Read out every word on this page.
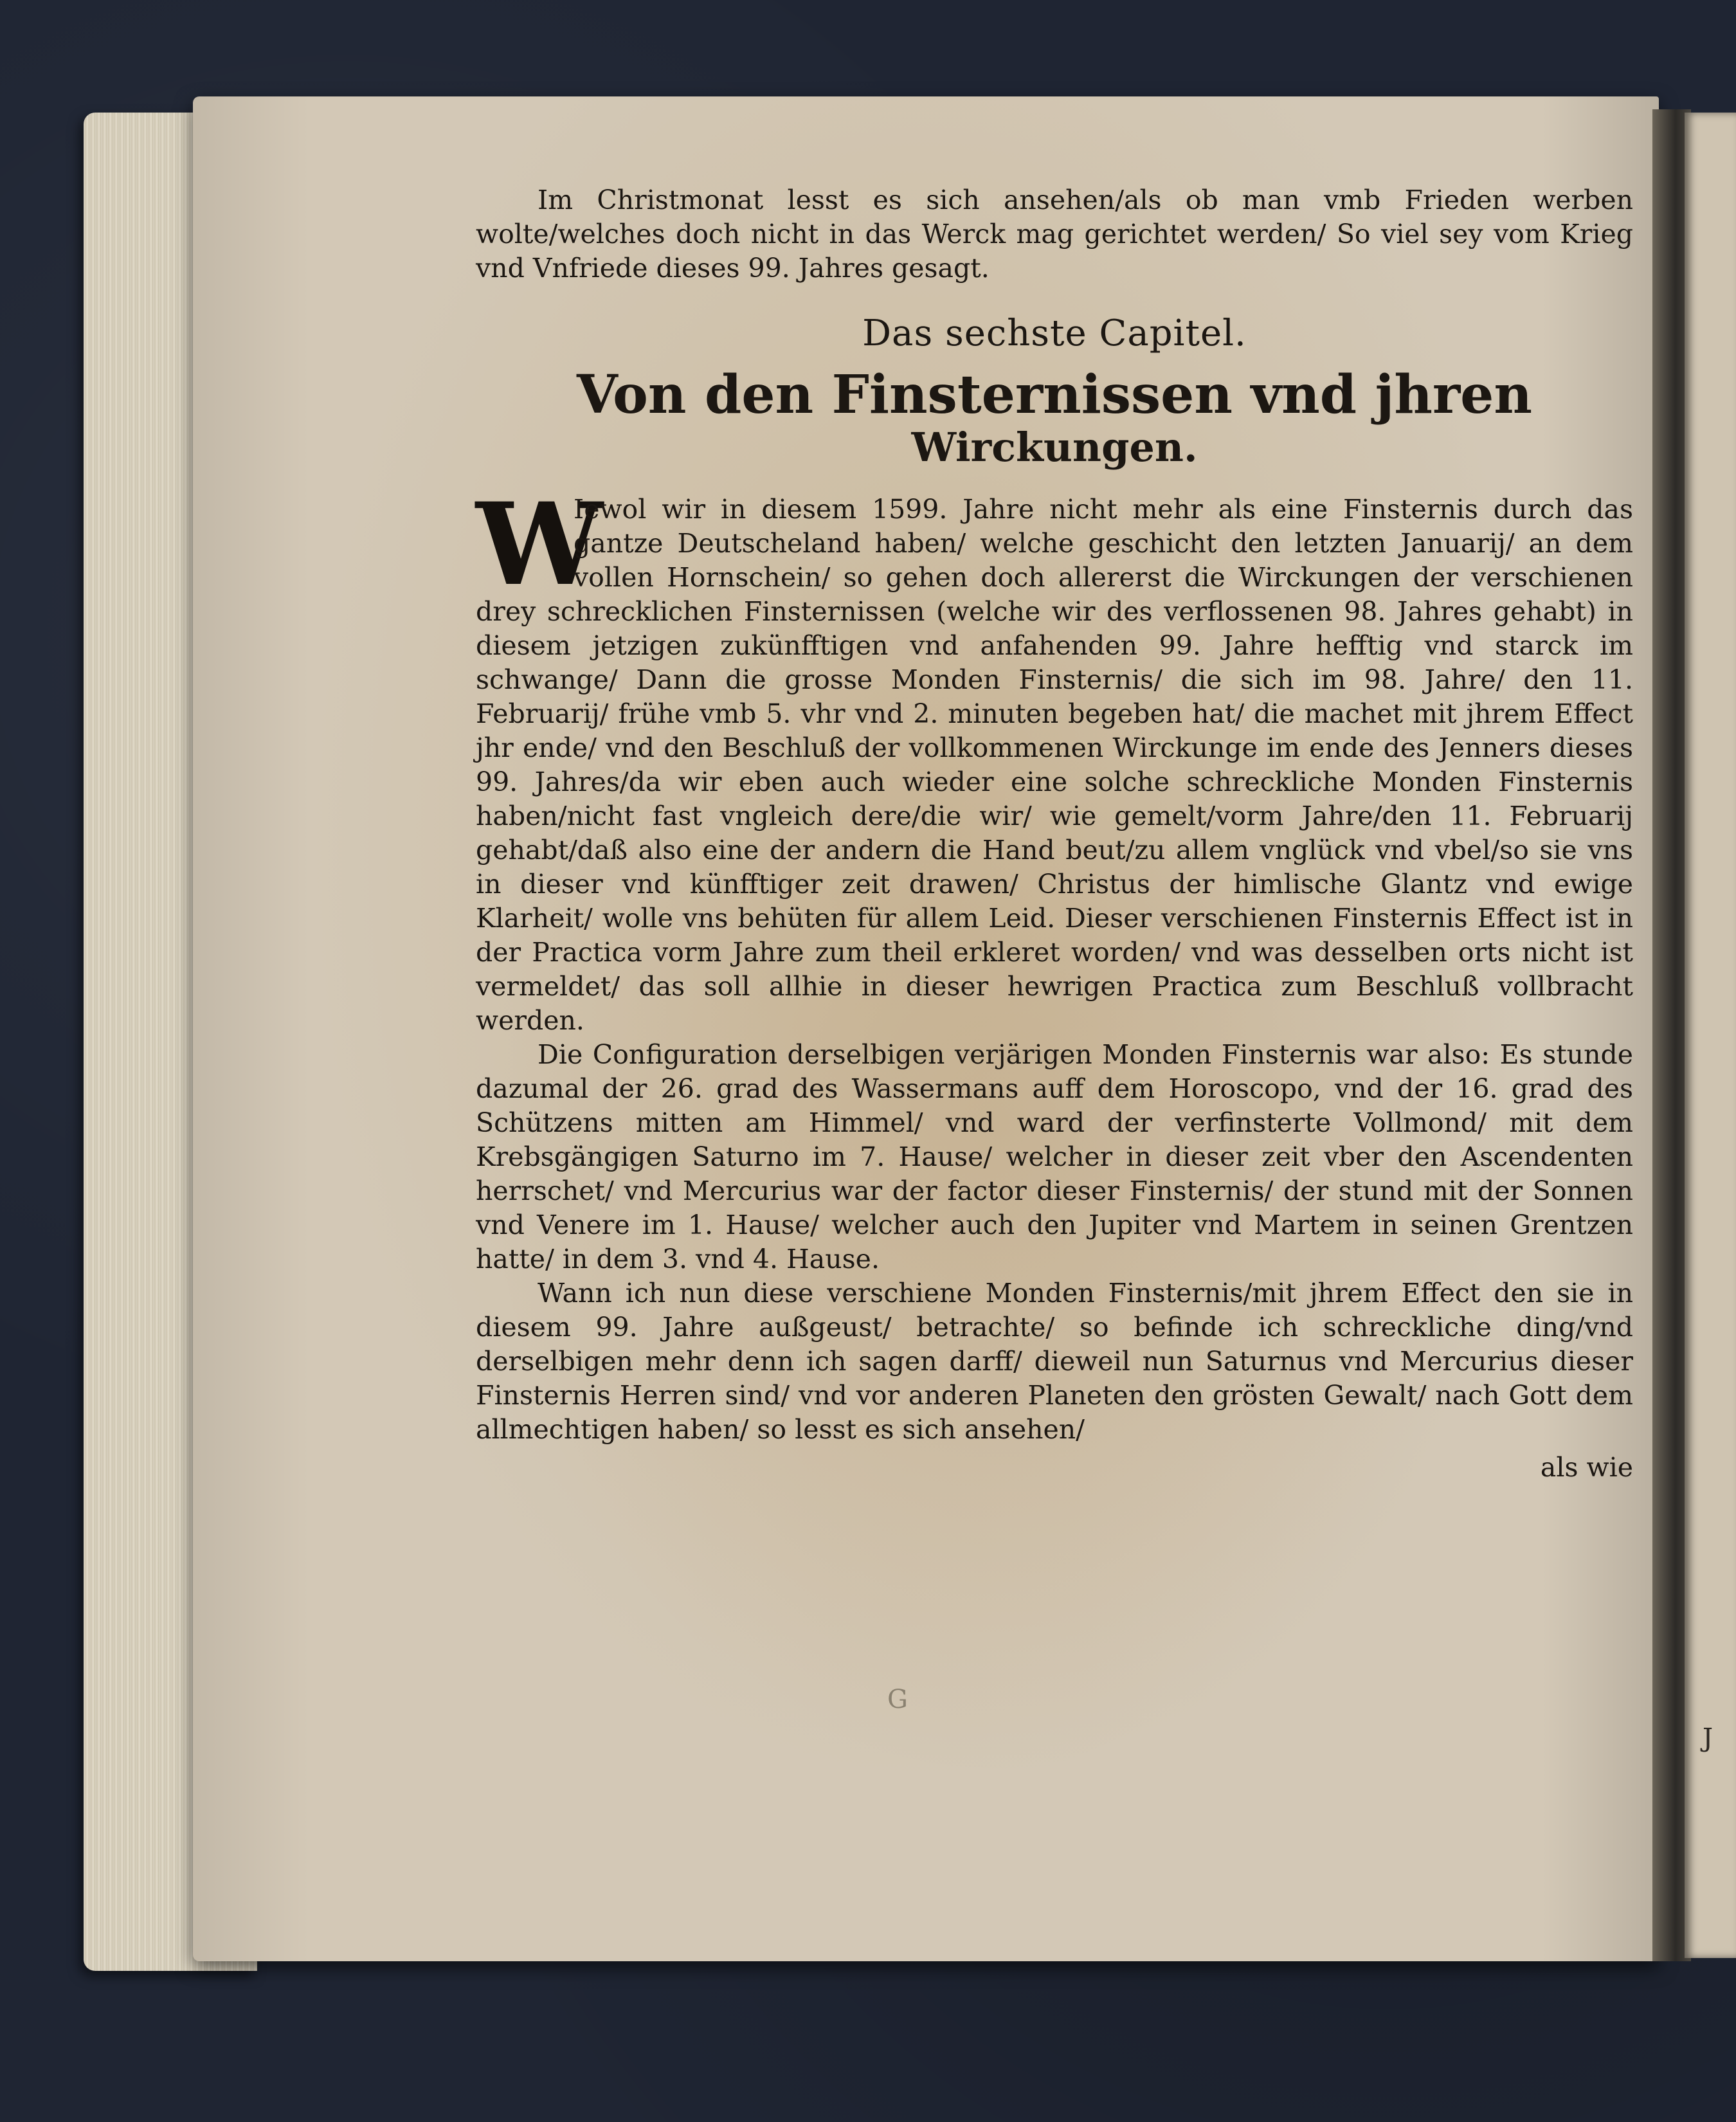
J

Im Christmonat lesst es sich ansehen/als ob man vmb Frieden werben wolte/welches doch nicht in das Werck mag gerichtet werden/ So viel sey vom Krieg vnd Vnfriede dieses 99. Jahres gesagt.

Das sechste Capitel.
Von den Finsternissen vnd jhren
Wirckungen.

W
Iewol wir in diesem 1599. Jahre nicht mehr als eine Finsternis durch das gantze Deutscheland haben/ welche geschicht den letzten Januarij/ an dem vollen Hornschein/ so gehen doch allererst die Wirckungen der verschienen drey schrecklichen Finsternissen (welche wir des verflossenen 98. Jahres gehabt) in diesem jetzigen zukünfftigen vnd anfahenden 99. Jahre hefftig vnd starck im schwange/ Dann die grosse Monden Finsternis/ die sich im 98. Jahre/ den 11. Februarij/ frühe vmb 5. vhr vnd 2. minuten begeben hat/ die machet mit jhrem Effect jhr ende/ vnd den Beschluß der vollkommenen Wirckunge im ende des Jenners dieses 99. Jahres/da wir eben auch wieder eine solche schreckliche Monden Finsternis haben/nicht fast vngleich dere/die wir/ wie gemelt/vorm Jahre/den 11. Februarij gehabt/daß also eine der andern die Hand beut/zu allem vnglück vnd vbel/so sie vns in dieser vnd künfftiger zeit drawen/ Christus der himlische Glantz vnd ewige Klarheit/ wolle vns behüten für allem Leid. Dieser verschienen Finsternis Effect ist in der Practica vorm Jahre zum theil erkleret worden/ vnd was desselben orts nicht ist vermeldet/ das soll allhie in dieser hewrigen Practica zum Beschluß vollbracht werden.

Die Configuration derselbigen verjärigen Monden Finsternis war also: Es stunde dazumal der 26. grad des Wassermans auff dem Horoscopo, vnd der 16. grad des Schützens mitten am Himmel/ vnd ward der verfinsterte Vollmond/ mit dem Krebsgängigen Saturno im 7. Hause/ welcher in dieser zeit vber den Ascendenten herrschet/ vnd Mercurius war der factor dieser Finsternis/ der stund mit der Sonnen vnd Venere im 1. Hause/ welcher auch den Jupiter vnd Martem in seinen Grentzen hatte/ in dem 3. vnd 4. Hause.

Wann ich nun diese verschiene Monden Finsternis/mit jhrem Effect den sie in diesem 99. Jahre außgeust/ betrachte/ so befinde ich schreckliche ding/vnd derselbigen mehr denn ich sagen darff/ dieweil nun Saturnus vnd Mercurius dieser Finsternis Herren sind/ vnd vor anderen Planeten den grösten Gewalt/ nach Gott dem allmechtigen haben/ so lesst es sich ansehen/

als wie
G
